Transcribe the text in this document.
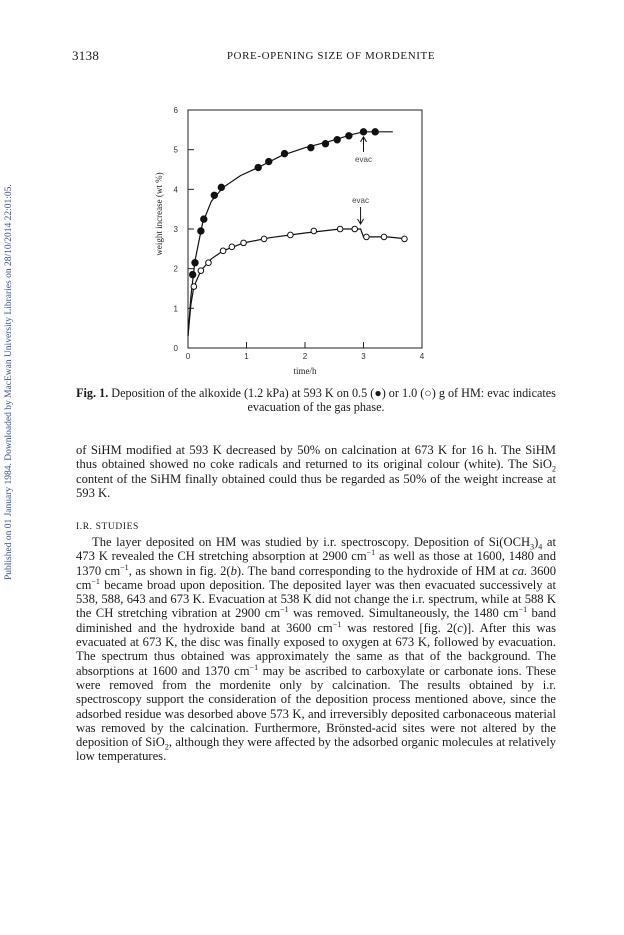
Published on 01 January 1984. Downloaded by MacEwan University Libraries on 28/10/2014 22:01:05.
3138	PORE-OPENING SIZE OF MORDENITE
0
1
2
3
4
5
6
0	1	2	3	4
time/h
weight increase (wt %)
evac
evac
Fig. 1. Deposition of the alkoxide (1.2 kPa) at 593 K on 0.5 (●) or 1.0 (○) g of HM: evac indicates evacuation of the gas phase.
of SiHM modified at 593 K decreased by 50% on calcination at 673 K for 16 h. The SiHM thus obtained showed no coke radicals and returned to its original colour (white). The SiO$_2$ content of the SiHM finally obtained could thus be regarded as 50% of the weight increase at 593 K.
I.R. STUDIES
The layer deposited on HM was studied by i.r. spectroscopy. Deposition of $Si(OCH_3)_4$ at 473 K revealed the CH stretching absorption at 2900 $cm^{-1}$ as well as those at 1600, 1480 and 1370 $cm^{-1}$, as shown in fig. 2(b). The band corresponding to the hydroxide of HM at ca. 3600 $cm^{-1}$ became broad upon deposition. The deposited layer was then evacuated successively at 538, 588, 643 and 673 K. Evacuation at 538 K did not change the i.r. spectrum, while at 588 K the CH stretching vibration at 2900 $cm^{-1}$ was removed. Simultaneously, the 1480 $cm^{-1}$ band diminished and the hydroxide band at 3600 $cm^{-1}$ was restored [fig. 2(c)]. After this was evacuated at 673 K, the disc was finally exposed to oxygen at 673 K, followed by evacuation. The spectrum thus obtained was approximately the same as that of the background. The absorptions at 1600 and 1370 $cm^{-1}$ may be ascribed to carboxylate or carbonate ions. These were removed from the mordenite only by calcination. The results obtained by i.r. spectroscopy support the consideration of the deposition process mentioned above, since the adsorbed residue was desorbed above 573 K, and irreversibly deposited carbonaceous material was removed by the calcination. Furthermore, Brönsted-acid sites were not altered by the deposition of SiO$_2$, although they were affected by the adsorbed organic molecules at relatively low temperatures.
